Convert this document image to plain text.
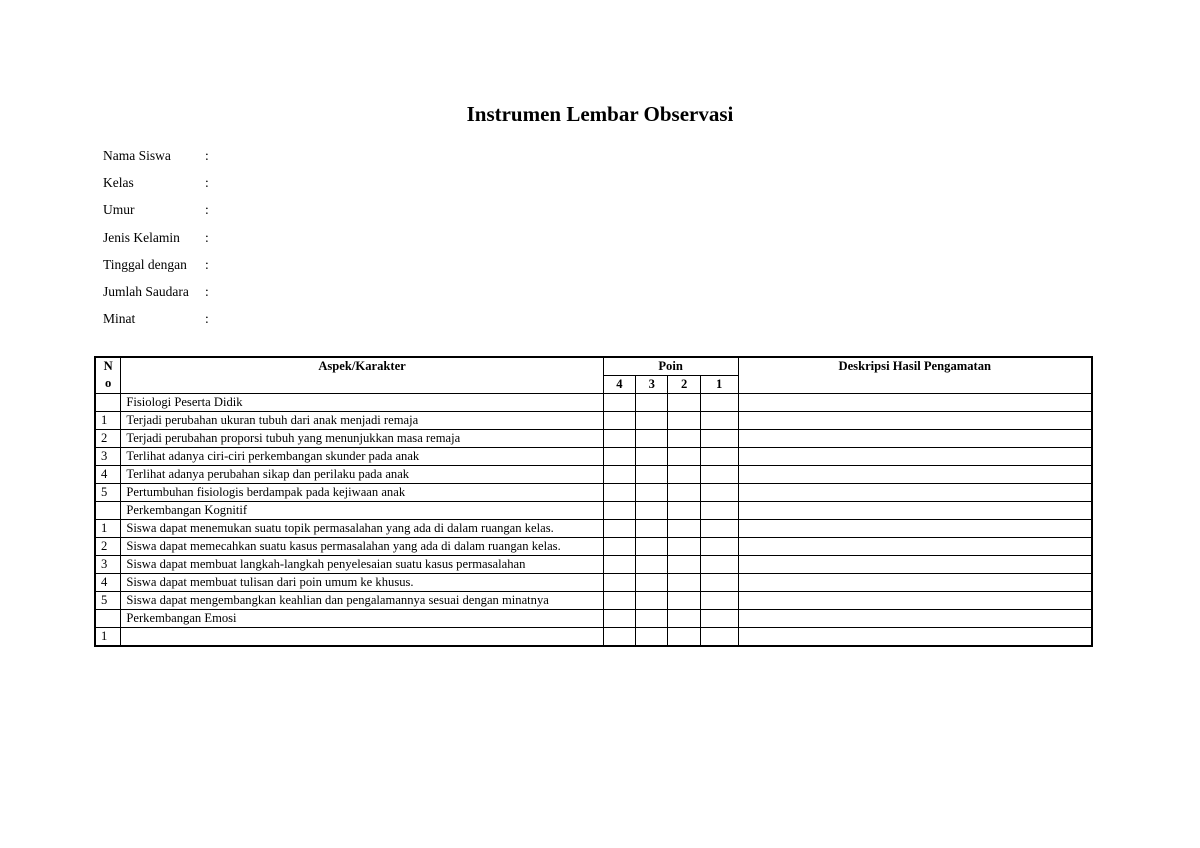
Instrumen Lembar Observasi
Nama Siswa	:
Kelas	:
Umur	:
Jenis Kelamin	:
Tinggal dengan	:
Jumlah Saudara	:
Minat	:
N
o	Aspek/Karakter	Poin				Deskripsi Hasil Pengamatan
		4	3	2	1	
	Fisiologi Peserta Didik					
1	Terjadi perubahan ukuran tubuh dari anak menjadi remaja					
2	Terjadi perubahan proporsi tubuh yang menunjukkan masa remaja					
3	Terlihat adanya ciri-ciri perkembangan skunder pada anak					
4	Terlihat adanya perubahan sikap dan perilaku pada anak					
5	Pertumbuhan fisiologis berdampak pada kejiwaan anak					
	Perkembangan Kognitif					
1	Siswa dapat menemukan suatu topik permasalahan yang ada di dalam ruangan kelas.					
2	Siswa dapat memecahkan suatu kasus permasalahan yang ada di dalam ruangan kelas.					
3	Siswa dapat membuat langkah-langkah penyelesaian suatu kasus permasalahan					
4	Siswa dapat membuat tulisan dari poin umum ke khusus.					
5	Siswa dapat mengembangkan keahlian dan pengalamannya sesuai dengan minatnya					
	Perkembangan Emosi					
1						
